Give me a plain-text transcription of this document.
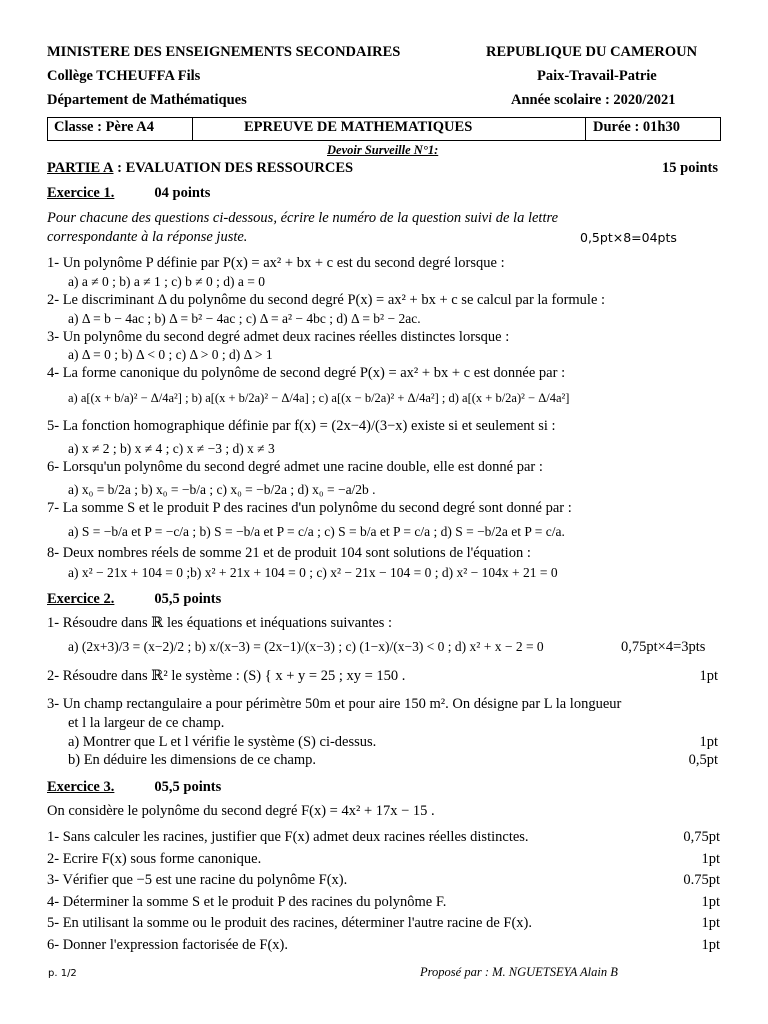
MINISTERE DES ENSEIGNEMENTS SECONDAIRES	REPUBLIQUE DU CAMEROUN
Collège TCHEUFFA Fils	Paix-Travail-Patrie
Département de Mathématiques	Année scolaire : 2020/2021
Classe : Père A4	EPREUVE DE MATHEMATIQUES	Durée : 01h30
Devoir Surveille N°1:
PARTIE A : EVALUATION DES RESSOURCES	15 points
Exercice 1.	04 points
Pour chacune des questions ci-dessous, écrire le numéro de la question suivi de la lettre
correspondante à la réponse juste.	0,5pt×8=04pts
1- Un polynôme P définie par P(x) = ax² + bx + c est du second degré lorsque :
a) a ≠ 0 ; b) a ≠ 1 ; c) b ≠ 0 ; d) a = 0
2- Le discriminant Δ du polynôme du second degré P(x) = ax² + bx + c se calcul par la formule :
a) Δ = b − 4ac ; b) Δ = b² − 4ac ; c) Δ = a² − 4bc ; d) Δ = b² − 2ac.
3- Un polynôme du second degré admet deux racines réelles distinctes lorsque :
a) Δ = 0 ; b) Δ < 0 ; c) Δ > 0 ; d) Δ > 1
4- La forme canonique du polynôme de second degré P(x) = ax² + bx + c est donnée par :
a) a[(x + b/a)² − Δ/4a²] ; b) a[(x + b/2a)² − Δ/4a] ; c) a[(x − b/2a)² + Δ/4a²] ; d) a[(x + b/2a)² − Δ/4a²]
5- La fonction homographique définie par f(x) = (2x−4)/(3−x) existe si et seulement si :
a) x ≠ 2 ; b) x ≠ 4 ; c) x ≠ −3 ; d) x ≠ 3
6- Lorsqu'un polynôme du second degré admet une racine double, elle est donné par :
a) x₀ = b/2a ; b) x₀ = −b/a ; c) x₀ = −b/2a ; d) x₀ = −a/2b .
7- La somme S et le produit P des racines d'un polynôme du second degré sont donné par :
a) S = −b/a et P = −c/a ; b) S = −b/a et P = c/a ; c) S = b/a et P = c/a ; d) S = −b/2a et P = c/a.
8- Deux nombres réels de somme 21 et de produit 104 sont solutions de l'équation :
a) x² − 21x + 104 = 0 ;b) x² + 21x + 104 = 0 ; c) x² − 21x − 104 = 0 ; d) x² − 104x + 21 = 0
Exercice 2.	05,5 points
1- Résoudre dans ℝ les équations et inéquations suivantes :
a) (2x+3)/3 = (x−2)/2 ; b) x/(x−3) = (2x−1)/(x−3) ; c) (1−x)/(x−3) < 0 ; d) x² + x − 2 = 0	0,75pt×4=3pts
2- Résoudre dans ℝ² le système : (S) { x + y = 25 ; xy = 150 .	1pt
3- Un champ rectangulaire a pour périmètre 50m et pour aire 150 m². On désigne par L la longueur
et l la largeur de ce champ.
a) Montrer que L et l vérifie le système (S) ci-dessus.	1pt
b) En déduire les dimensions de ce champ.	0,5pt
Exercice 3.	05,5 points
On considère le polynôme du second degré F(x) = 4x² + 17x − 15 .
1- Sans calculer les racines, justifier que F(x) admet deux racines réelles distinctes.	0,75pt
2- Ecrire F(x) sous forme canonique.	1pt
3- Vérifier que −5 est une racine du polynôme F(x).	0.75pt
4- Déterminer la somme S et le produit P des racines du polynôme F.	1pt
5- En utilisant la somme ou le produit des racines, déterminer l'autre racine de F(x).	1pt
6- Donner l'expression factorisée de F(x).	1pt
p. 1/2	Proposé par : M. NGUETSEYA Alain B
